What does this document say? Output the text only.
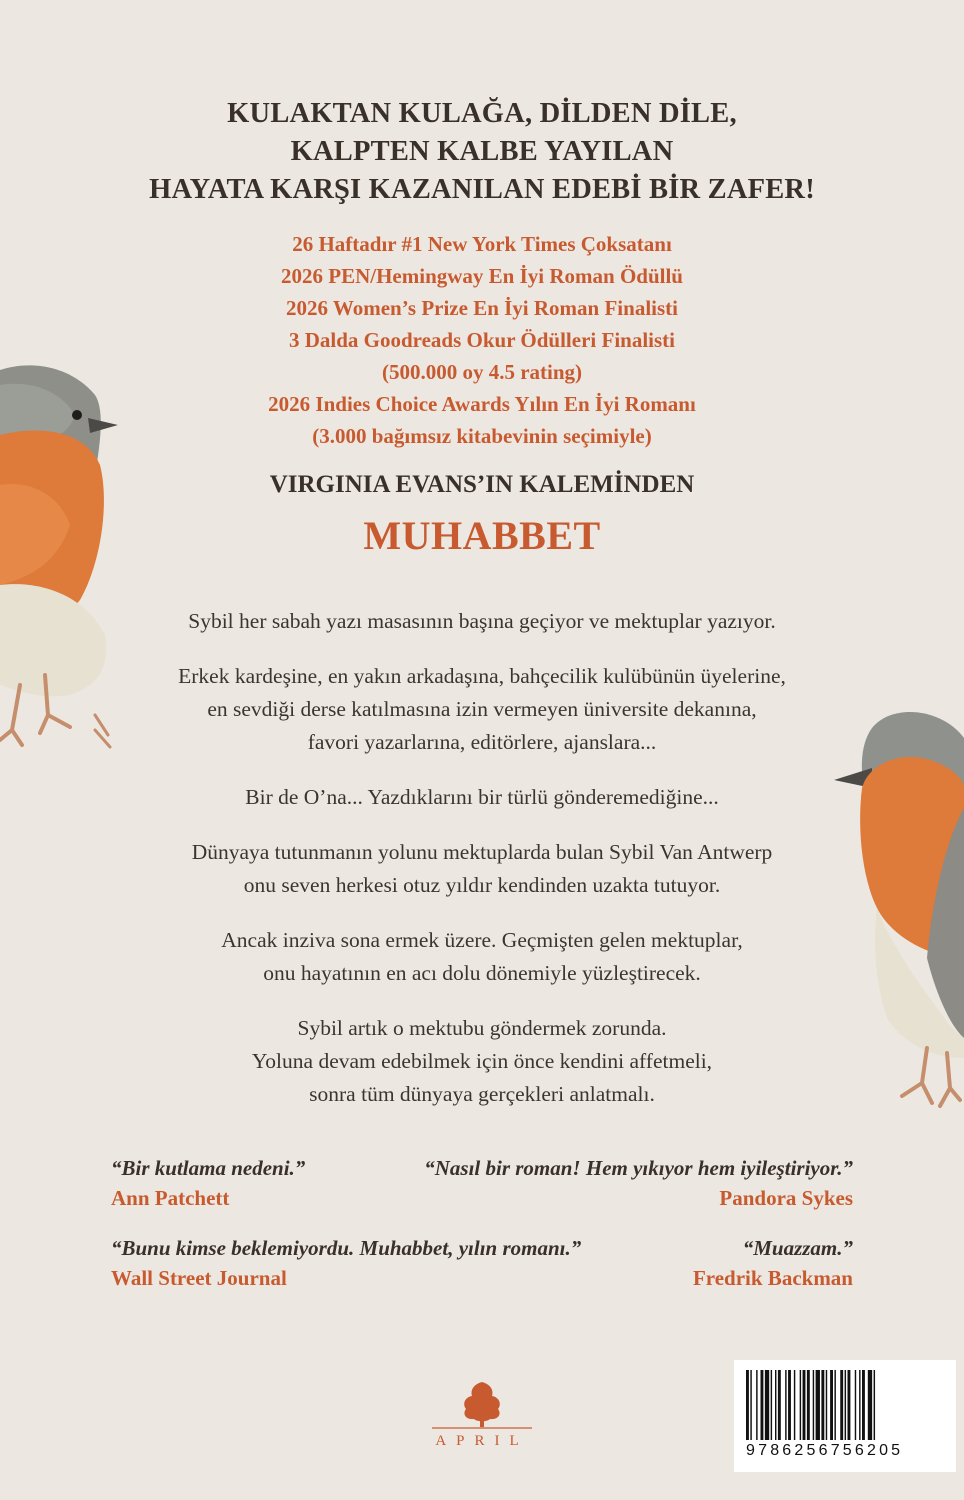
KULAKTAN KULAĞA, DİLDEN DİLE,
KALPTEN KALBE YAYILAN
HAYATA KARŞI KAZANILAN EDEBİ BİR ZAFER!
26 Haftadır #1 New York Times Çoksatanı
2026 PEN/Hemingway En İyi Roman Ödüllü
2026 Women’s Prize En İyi Roman Finalisti
3 Dalda Goodreads Okur Ödülleri Finalisti
(500.000 oy 4.5 rating)
2026 Indies Choice Awards Yılın En İyi Romanı
(3.000 bağımsız kitabevinin seçimiyle)
VIRGINIA EVANS’IN KALEMİNDEN
MUHABBET

Sybil her sabah yazı masasının başına geçiyor ve mektuplar yazıyor.

Erkek kardeşine, en yakın arkadaşına, bahçecilik kulübünün üyelerine,
en sevdiği derse katılmasına izin vermeyen üniversite dekanına,
favori yazarlarına, editörlere, ajanslara...

Bir de O’na... Yazdıklarını bir türlü gönderemediğine...

Dünyaya tutunmanın yolunu mektuplarda bulan Sybil Van Antwerp
onu seven herkesi otuz yıldır kendinden uzakta tutuyor.

Ancak inziva sona ermek üzere. Geçmişten gelen mektuplar,
onu hayatının en acı dolu dönemiyle yüzleştirecek.

Sybil artık o mektubu göndermek zorunda.
Yoluna devam edebilmek için önce kendini affetmeli,
sonra tüm dünyaya gerçekleri anlatmalı.

“Bir kutlama nedeni.”
Ann Patchett
“Nasıl bir roman! Hem yıkıyor hem iyileştiriyor.”
Pandora Sykes
“Bunu kimse beklemiyordu. Muhabbet, yılın romanı.”
Wall Street Journal
“Muazzam.”
Fredrik Backman
APRIL
9786256756205
